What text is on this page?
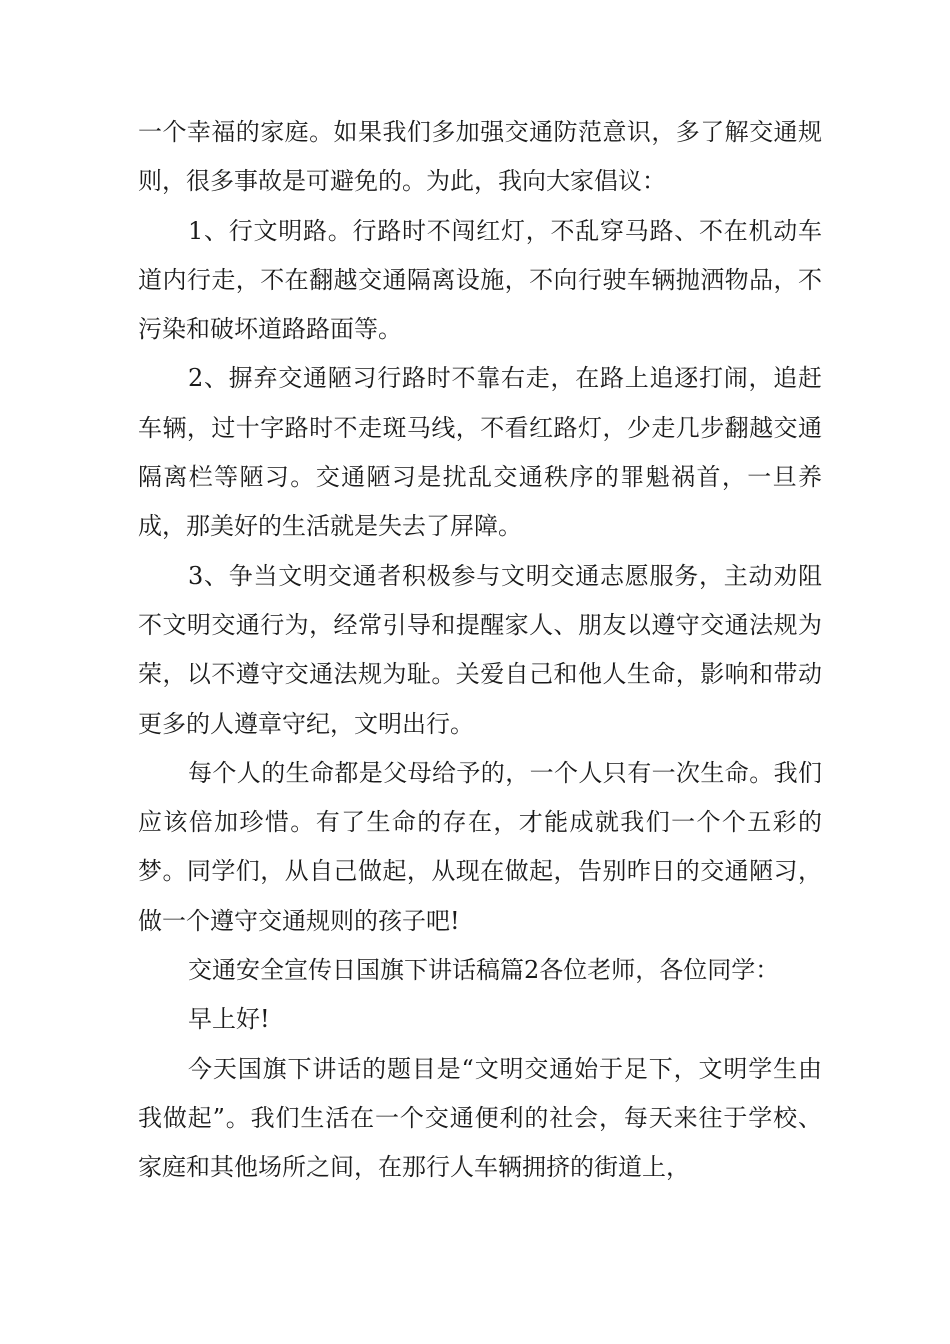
一个幸福的家庭。如果我们多加强交通防范意识，多了解交通规则，很多事故是可避免的。为此，我向大家倡议：

1、行文明路。行路时不闯红灯，不乱穿马路、不在机动车道内行走，不在翻越交通隔离设施，不向行驶车辆抛洒物品，不污染和破坏道路路面等。

2、摒弃交通陋习行路时不靠右走，在路上追逐打闹，追赶车辆，过十字路时不走斑马线，不看红路灯，少走几步翻越交通隔离栏等陋习。交通陋习是扰乱交通秩序的罪魁祸首，一旦养成，那美好的生活就是失去了屏障。

3、争当文明交通者积极参与文明交通志愿服务，主动劝阻不文明交通行为，经常引导和提醒家人、朋友以遵守交通法规为荣，以不遵守交通法规为耻。关爱自己和他人生命，影响和带动更多的人遵章守纪，文明出行。

每个人的生命都是父母给予的，一个人只有一次生命。我们应该倍加珍惜。有了生命的存在，才能成就我们一个个五彩的梦。同学们，从自己做起，从现在做起，告别昨日的交通陋习，做一个遵守交通规则的孩子吧!

交通安全宣传日国旗下讲话稿篇2各位老师，各位同学：

早上好!

今天国旗下讲话的题目是“文明交通始于足下，文明学生由我做起”。我们生活在一个交通便利的社会，每天来往于学校、家庭和其他场所之间，在那行人车辆拥挤的街道上，
